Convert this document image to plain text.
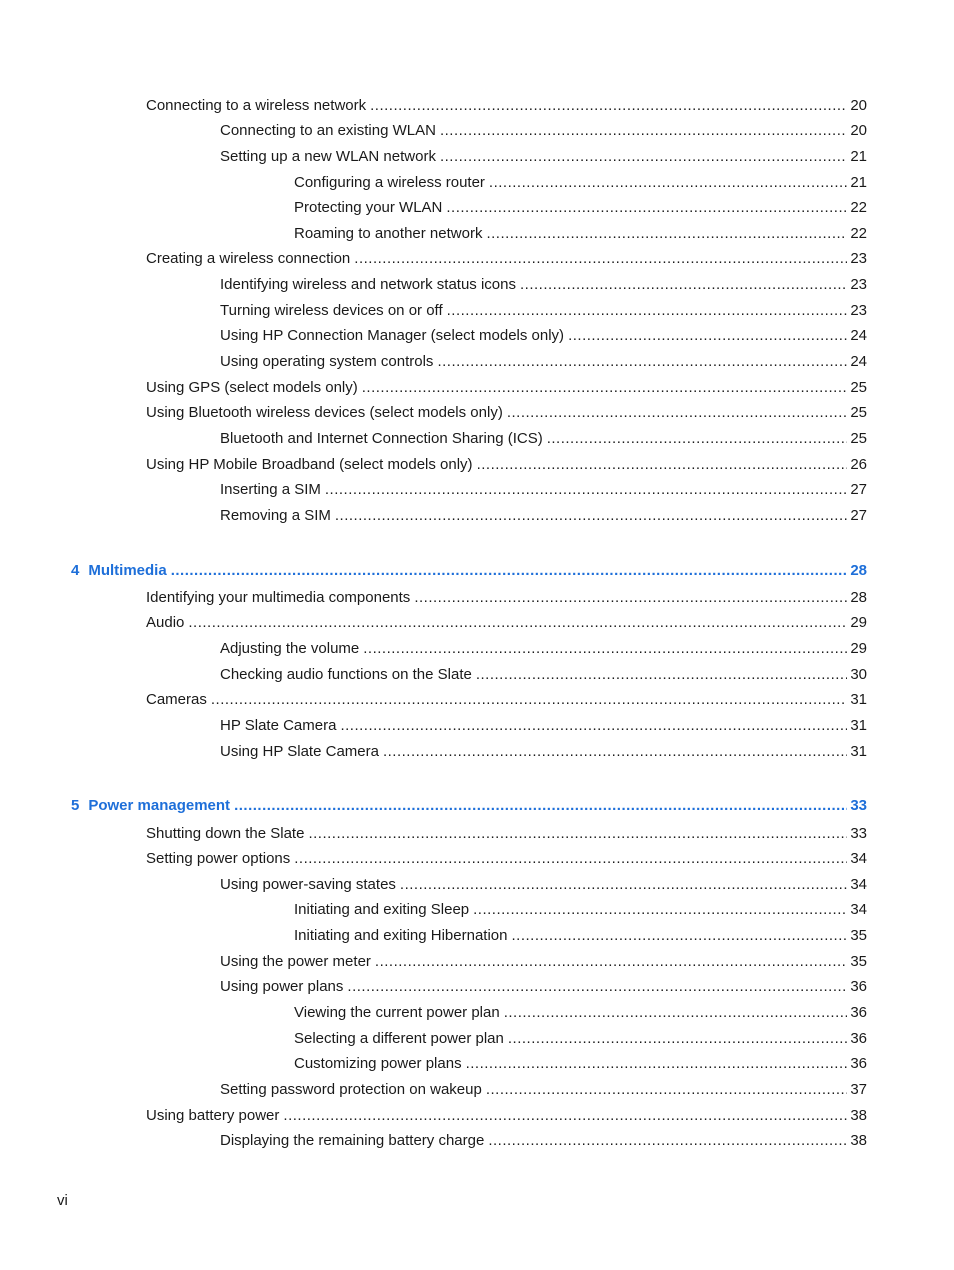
Connecting to a wireless network .....	20
Connecting to an existing WLAN .....	20
Setting up a new WLAN network .....	21
Configuring a wireless router .....	21
Protecting your WLAN .....	22
Roaming to another network .....	22
Creating a wireless connection .....	23
Identifying wireless and network status icons .....	23
Turning wireless devices on or off .....	23
Using HP Connection Manager (select models only) .....	24
Using operating system controls .....	24
Using GPS (select models only) .....	25
Using Bluetooth wireless devices (select models only) .....	25
Bluetooth and Internet Connection Sharing (ICS) .....	25
Using HP Mobile Broadband (select models only) .....	26
Inserting a SIM .....	27
Removing a SIM .....	27
4 Multimedia .....	28
Identifying your multimedia components .....	28
Audio .....	29
Adjusting the volume .....	29
Checking audio functions on the Slate .....	30
Cameras .....	31
HP Slate Camera .....	31
Using HP Slate Camera .....	31
5 Power management .....	33
Shutting down the Slate .....	33
Setting power options .....	34
Using power-saving states .....	34
Initiating and exiting Sleep .....	34
Initiating and exiting Hibernation .....	35
Using the power meter .....	35
Using power plans .....	36
Viewing the current power plan .....	36
Selecting a different power plan .....	36
Customizing power plans .....	36
Setting password protection on wakeup .....	37
Using battery power .....	38
Displaying the remaining battery charge .....	38
vi
